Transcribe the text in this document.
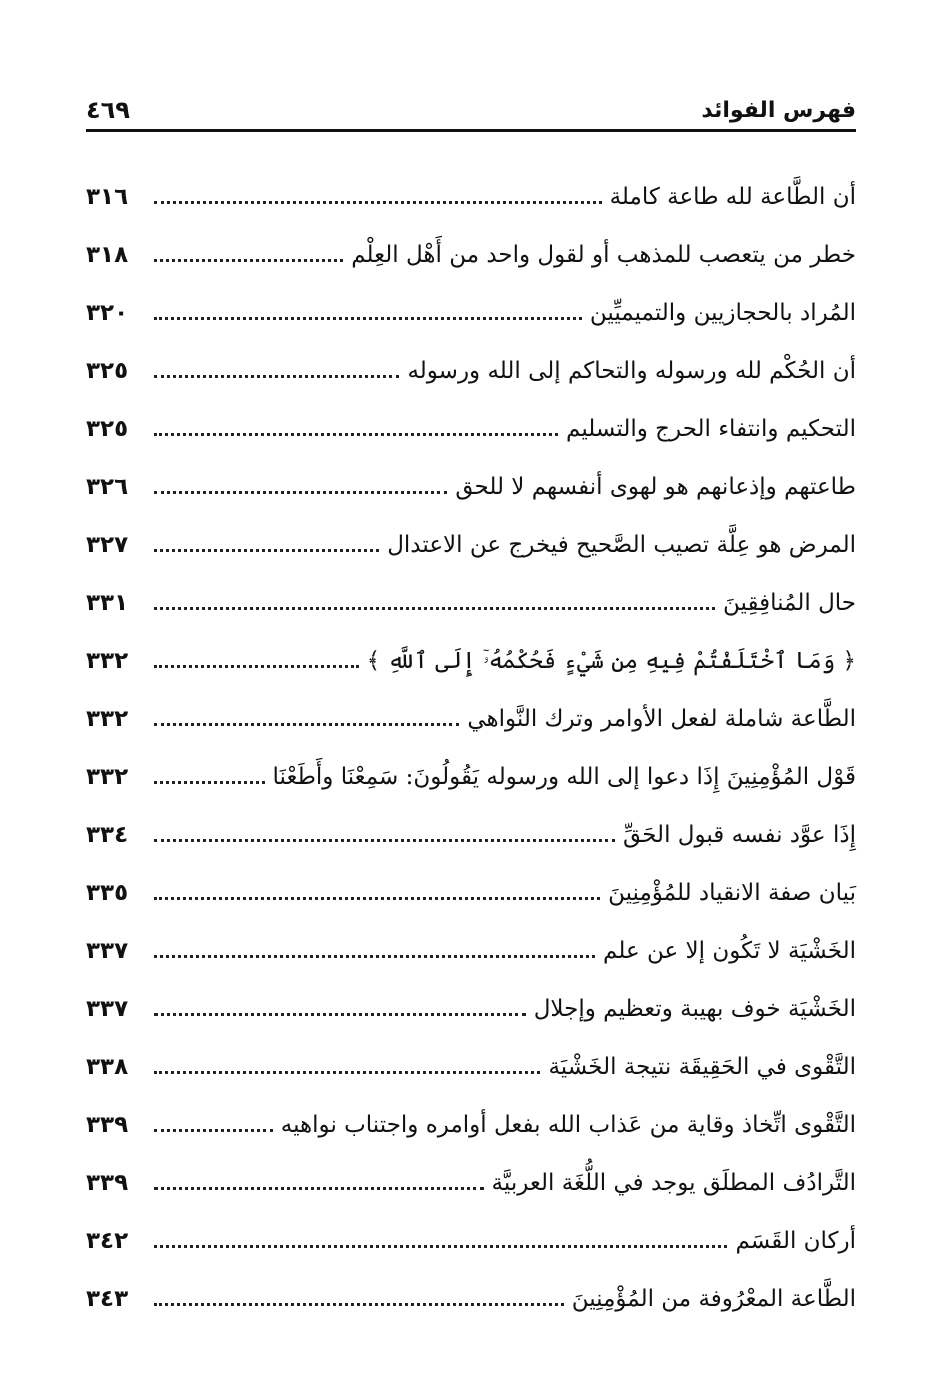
فهرس الفوائد
٤٦٩
أن الطَّاعة لله طاعة كاملة
٣١٦
خطر من يتعصب للمذهب أو لقول واحد من أَهْل العِلْم
٣١٨
المُراد بالحجازيين والتميميِّين
٣٢٠
أن الحُكْم لله ورسوله والتحاكم إلى الله ورسوله
٣٢٥
التحكيم وانتفاء الحرج والتسليم
٣٢٥
طاعتهم وإذعانهم هو لهوى أنفسهم لا للحق
٣٢٦
المرض هو عِلَّة تصيب الصَّحيح فيخرج عن الاعتدال
٣٢٧
حال المُنافِقِينَ
٣٣١
﴿ وَمَا ٱخْتَلَفْتُمْ فِيهِ مِن شَيْءٍ فَحُكْمُهُۥٓ إِلَى ٱللَّهِ ﴾
٣٣٢
الطَّاعة شاملة لفعل الأوامر وترك النَّواهي
٣٣٢
قَوْل المُؤْمِنِينَ إِذَا دعوا إلى الله ورسوله يَقُولُونَ: سَمِعْنَا وأَطَعْنَا
٣٣٢
إِذَا عوَّد نفسه قبول الحَقِّ
٣٣٤
بَيان صفة الانقياد للمُؤْمِنِينَ
٣٣٥
الخَشْيَة لا تَكُون إلا عن علم
٣٣٧
الخَشْيَة خوف بهيبة وتعظيم وإجلال
٣٣٧
التَّقْوى في الحَقِيقَة نتيجة الخَشْيَة
٣٣٨
التَّقْوى اتِّخاذ وقاية من عَذاب الله بفعل أوامره واجتناب نواهيه
٣٣٩
التَّرادُف المطلَق يوجد في اللُّغَة العربيَّة
٣٣٩
أركان القَسَم
٣٤٢
الطَّاعة المعْرُوفة من المُؤْمِنِينَ
٣٤٣
